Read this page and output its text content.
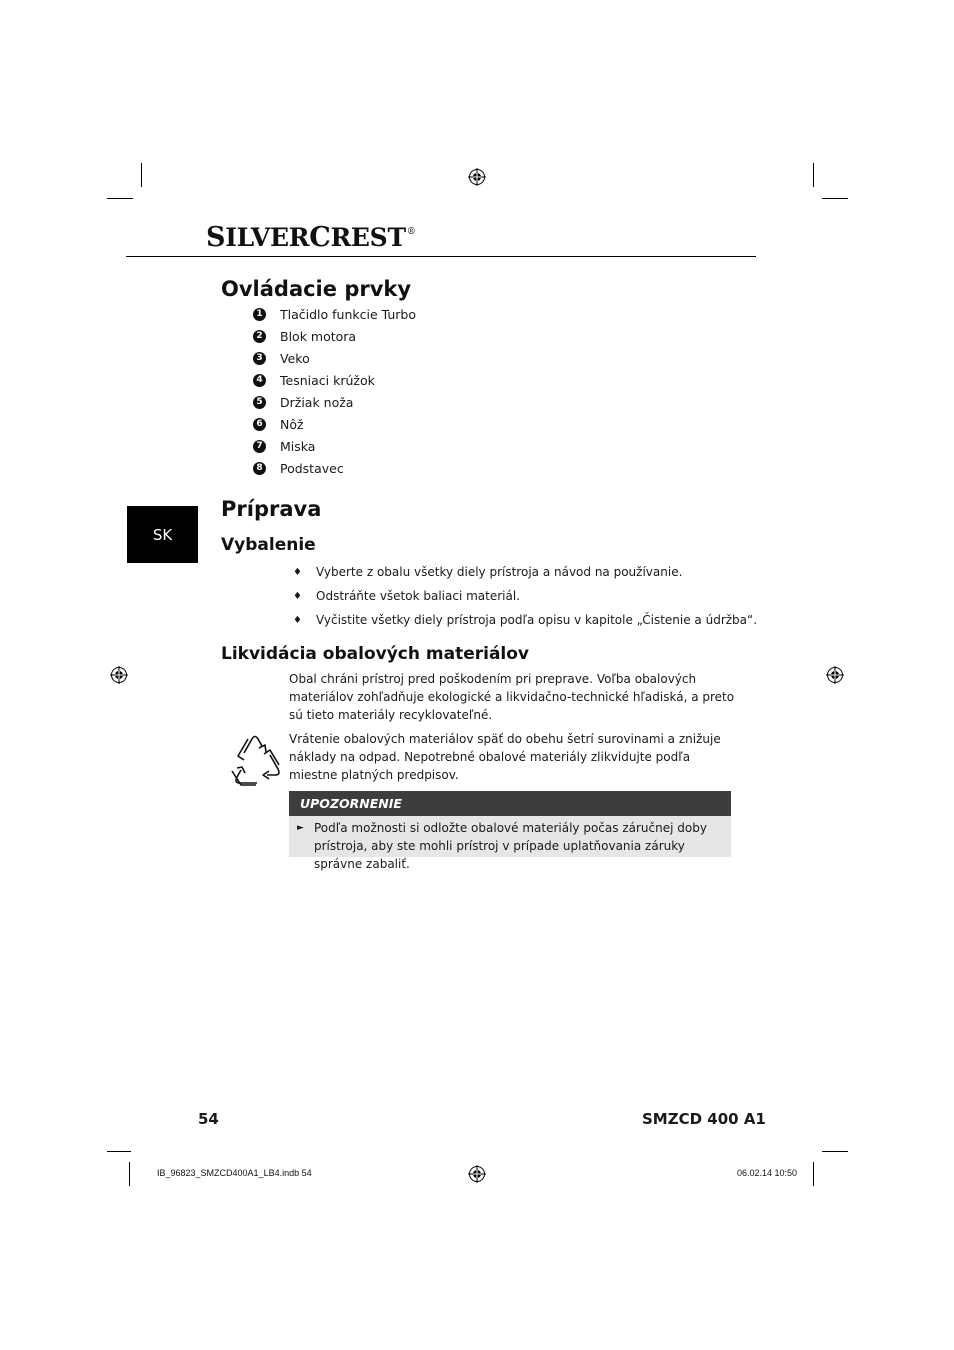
SILVERCREST®
Ovládacie prvky
1 Tlačidlo funkcie Turbo
2 Blok motora
3 Veko
4 Tesniaci krúžok
5 Držiak noža
6 Nôž
7 Miska
8 Podstavec
SK
Príprava
Vybalenie
♦	Vyberte z obalu všetky diely prístroja a návod na používanie.
♦	Odstráňte všetok baliaci materiál.
♦	Vyčistite všetky diely prístroja podľa opisu v kapitole „Čistenie a údržba“.
Likvidácia obalových materiálov
Obal chráni prístroj pred poškodením pri preprave. Voľba obalových materiálov zohľadňuje ekologické a likvidačno-technické hľadiská, a preto sú tieto materiály recyklovateľné.
Vrátenie obalových materiálov späť do obehu šetrí surovinami a znižuje náklady na odpad. Nepotrebné obalové materiály zlikvidujte podľa miestne platných predpisov.
UPOZORNENIE
► Podľa možnosti si odložte obalové materiály počas záručnej doby prístroja, aby ste mohli prístroj v prípade uplatňovania záruky správne zabaliť.
54	SMZCD 400 A1
IB_96823_SMZCD400A1_LB4.indb 54	06.02.14 10:50
